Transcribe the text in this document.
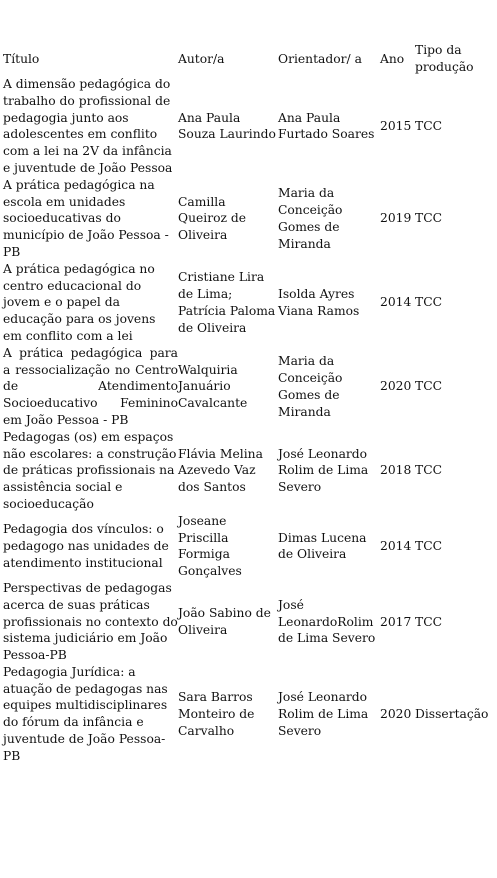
Título	Autor/a	Orientador/ a	Ano	Tipo da produção
A dimensão pedagógica do trabalho do profissional de pedagogia junto aos adolescentes em conflito com a lei na 2V da infância e juventude de João Pessoa	Ana Paula Souza Laurindo	Ana Paula Furtado Soares	2015	TCC
A prática pedagógica na escola em unidades socioeducativas do município de João Pessoa - PB	Camilla Queiroz de Oliveira	Maria da Conceição Gomes de Miranda	2019	TCC
A prática pedagógica no centro educacional do jovem e o papel da educação para os jovens em conflito com a lei	Cristiane Lira de Lima; Patrícia Paloma de Oliveira	Isolda Ayres Viana Ramos	2014	TCC
A prática pedagógica para a ressocialização no Centro de Atendimento Socioeducativo Feminino em João Pessoa - PB	Walquiria Januário Cavalcante	Maria da Conceição Gomes de Miranda	2020	TCC
Pedagogas (os) em espaços não escolares: a construção de práticas profissionais na assistência social e socioeducação	Flávia Melina Azevedo Vaz dos Santos	José Leonardo Rolim de Lima Severo	2018	TCC
Pedagogia dos vínculos: o pedagogo nas unidades de atendimento institucional	Joseane Priscilla Formiga Gonçalves	Dimas Lucena de Oliveira	2014	TCC
Perspectivas de pedagogas acerca de suas práticas profissionais no contexto do sistema judiciário em João Pessoa-PB	João Sabino de Oliveira	José LeonardoRolim de Lima Severo	2017	TCC
Pedagogia Jurídica: a atuação de pedagogas nas equipes multidisciplinares do fórum da infância e juventude de João Pessoa-PB	Sara Barros Monteiro de Carvalho	José Leonardo Rolim de Lima Severo	2020	Dissertação
